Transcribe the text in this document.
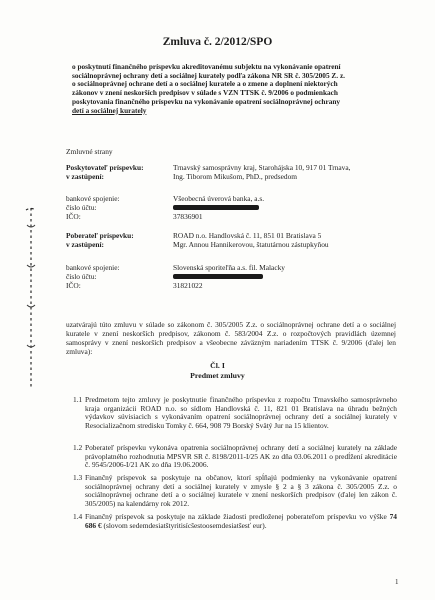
Zmluva č. 2/2012/SPO
o poskytnutí finančného príspevku akreditovanému subjektu na vykonávanie opatrení
sociálnoprávnej ochrany detí a sociálnej kurately podľa zákona NR SR č. 305/2005 Z. z.
o sociálnoprávnej ochrane detí a o sociálnej kuratele a o zmene a doplnení niektorých
zákonov v znení neskorších predpisov v súlade s VZN TTSK č. 9/2006 o podmienkach
poskytovania finančného príspevku na vykonávanie opatrení sociálnoprávnej ochrany
detí a sociálnej kurately
Zmluvné strany
Poskytovateľ príspevku:
v zastúpení:
Trnavský samosprávny kraj, Starohájska 10, 917 01 Trnava,
Ing. Tiborom Mikušom, PhD., predsedom
bankové spojenie:
číslo účtu:
IČO:
Všeobecná úverová banka, a.s.
37836901
Poberateľ príspevku:
v zastúpení:
ROAD n.o. Handlovská č. 11, 851 01 Bratislava 5
Mgr. Annou Hannikerovou, štatutárnou zástupkyňou
bankové spojenie:
číslo účtu:
IČO:
Slovenská sporiteľňa a.s. fil. Malacky
31821022
uzatvárajú túto zmluvu v súlade so zákonom č. 305/2005 Z.z. o sociálnoprávnej ochrane detí a o sociálnej kuratele v znení neskorších predpisov, zákonom č. 583/2004 Z.z. o rozpočtových pravidlách územnej samosprávy v znení neskorších predpisov a všeobecne záväzným nariadením TTSK č. 9/2006 (ďalej len zmluva):
Čl. I
Predmet zmluvy
1.1 Predmetom tejto zmluvy je poskytnutie finančného príspevku z rozpočtu Trnavského samosprávneho kraja organizácii ROAD n.o. so sídlom Handlovská č. 11, 821 01 Bratislava na úhradu bežných výdavkov súvisiacich s vykonávaním opatrení sociálnoprávnej ochrany detí a sociálnej kurately v Resocializačnom stredisku Tomky č. 664, 908 79 Borský Svätý Jur na 15 klientov.
1.2 Poberateľ príspevku vykonáva opatrenia sociálnoprávnej ochrany detí a sociálnej kurately na základe právoplatného rozhodnutia MPSVR SR č. 8198/2011-I/25 AK zo dňa 03.06.2011 o predĺžení akreditácie č. 9545/2006-I/21 AK zo dňa 19.06.2006.
1.3 Finančný príspevok sa poskytuje na občanov, ktorí spĺňajú podmienky na vykonávanie opatrení sociálnoprávnej ochrany detí a sociálnej kurately v zmysle § 2 a § 3 zákona č. 305/2005 Z.z. o sociálnoprávnej ochrane detí a o sociálnej kuratele v znení neskorších predpisov (ďalej len zákon č. 305/2005) na kalendárny rok 2012.
1.4 Finančný príspevok sa poskytuje na základe žiadosti predloženej poberateľom príspevku vo výške 74 686 € (slovom sedemdesiatštyritisícšestoosemdesiatšesť eur).
1
